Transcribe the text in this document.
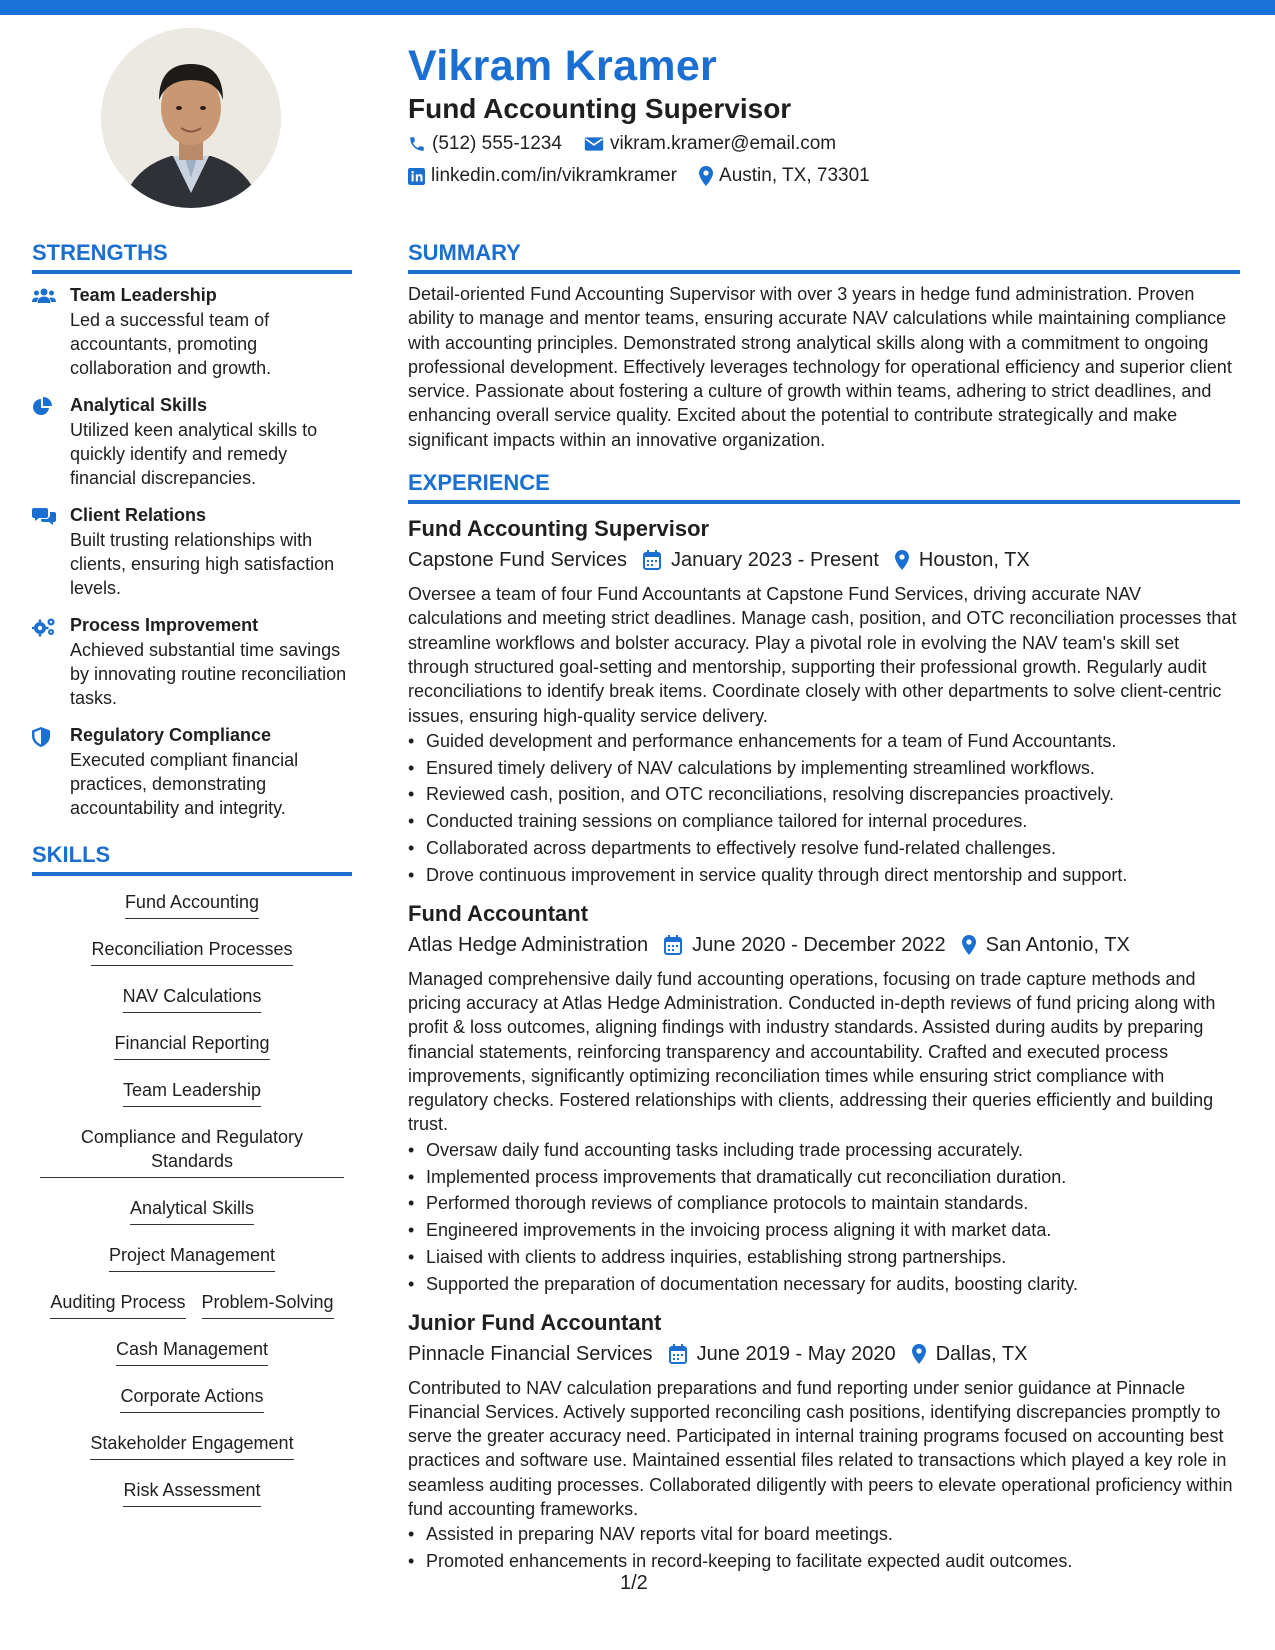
Vikram Kramer
Fund Accounting Supervisor
(512) 555-1234	vikram.kramer@email.com
linkedin.com/in/vikramkramer Austin, TX, 73301
STRENGTHS
Team Leadership
Led a successful team of accountants, promoting collaboration and growth.
Analytical Skills
Utilized keen analytical skills to quickly identify and remedy financial discrepancies.
Client Relations
Built trusting relationships with clients, ensuring high satisfaction levels.
Process Improvement
Achieved substantial time savings by innovating routine reconciliation tasks.
Regulatory Compliance
Executed compliant financial practices, demonstrating accountability and integrity.
SKILLS
Fund Accounting
Reconciliation Processes
NAV Calculations
Financial Reporting
Team Leadership
Compliance and Regulatory Standards
Analytical Skills
Project Management
Auditing Process Problem-Solving
Cash Management
Corporate Actions
Stakeholder Engagement
Risk Assessment
SUMMARY

Detail-oriented Fund Accounting Supervisor with over 3 years in hedge fund administration. Proven ability to manage and mentor teams, ensuring accurate NAV calculations while maintaining compliance with accounting principles. Demonstrated strong analytical skills along with a commitment to ongoing professional development. Effectively leverages technology for operational efficiency and superior client service. Passionate about fostering a culture of growth within teams, adhering to strict deadlines, and enhancing overall service quality. Excited about the potential to contribute strategically and make significant impacts within an innovative organization.

EXPERIENCE
Fund Accounting Supervisor
Capstone Fund Services January 2023 - Present Houston, TX

Oversee a team of four Fund Accountants at Capstone Fund Services, driving accurate NAV calculations and meeting strict deadlines. Manage cash, position, and OTC reconciliation processes that streamline workflows and bolster accuracy. Play a pivotal role in evolving the NAV team's skill set through structured goal-setting and mentorship, supporting their professional growth. Regularly audit reconciliations to identify break items. Coordinate closely with other departments to solve client-centric issues, ensuring high-quality service delivery.

• Guided development and performance enhancements for a team of Fund Accountants.
• Ensured timely delivery of NAV calculations by implementing streamlined workflows.
• Reviewed cash, position, and OTC reconciliations, resolving discrepancies proactively.
• Conducted training sessions on compliance tailored for internal procedures.
• Collaborated across departments to effectively resolve fund-related challenges.
• Drove continuous improvement in service quality through direct mentorship and support.
Fund Accountant
Atlas Hedge Administration June 2020 - December 2022 San Antonio, TX

Managed comprehensive daily fund accounting operations, focusing on trade capture methods and pricing accuracy at Atlas Hedge Administration. Conducted in-depth reviews of fund pricing along with profit & loss outcomes, aligning findings with industry standards. Assisted during audits by preparing financial statements, reinforcing transparency and accountability. Crafted and executed process improvements, significantly optimizing reconciliation times while ensuring strict compliance with regulatory checks. Fostered relationships with clients, addressing their queries efficiently and building trust.

• Oversaw daily fund accounting tasks including trade processing accurately.
• Implemented process improvements that dramatically cut reconciliation duration.
• Performed thorough reviews of compliance protocols to maintain standards.
• Engineered improvements in the invoicing process aligning it with market data.
• Liaised with clients to address inquiries, establishing strong partnerships.
• Supported the preparation of documentation necessary for audits, boosting clarity.
Junior Fund Accountant
Pinnacle Financial Services June 2019 - May 2020 Dallas, TX

Contributed to NAV calculation preparations and fund reporting under senior guidance at Pinnacle Financial Services. Actively supported reconciling cash positions, identifying discrepancies promptly to serve the greater accuracy need. Participated in internal training programs focused on accounting best practices and software use. Maintained essential files related to transactions which played a key role in seamless auditing processes. Collaborated diligently with peers to elevate operational proficiency within fund accounting frameworks.

• Assisted in preparing NAV reports vital for board meetings.
• Promoted enhancements in record-keeping to facilitate expected audit outcomes.
1/2
